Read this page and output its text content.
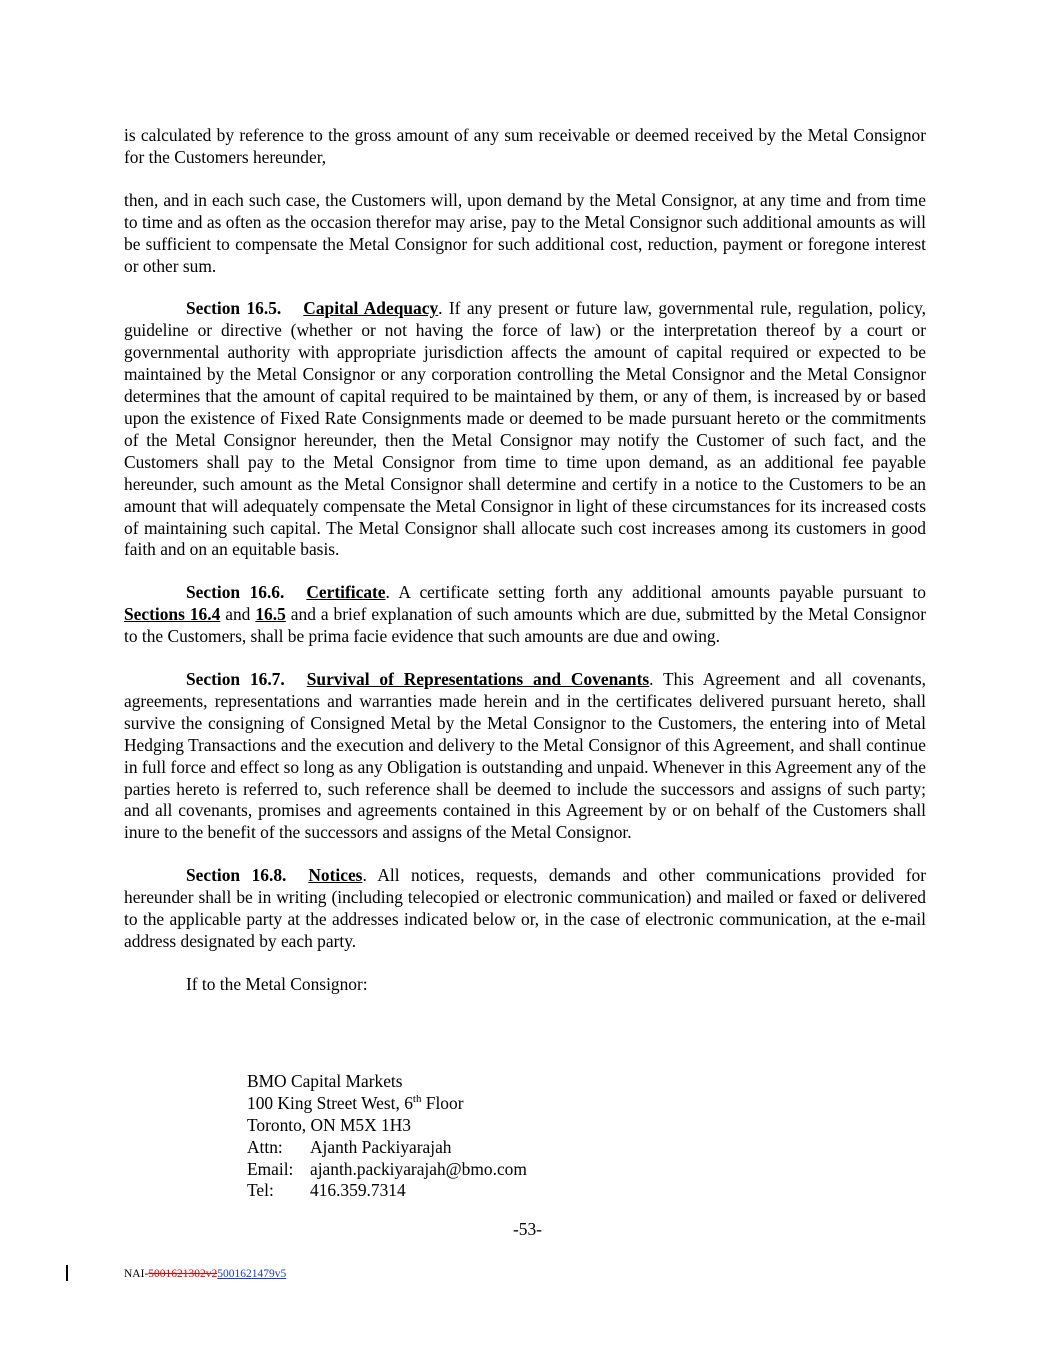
is calculated by reference to the gross amount of any sum receivable or deemed received by the Metal Consignor for the Customers hereunder,

then, and in each such case, the Customers will, upon demand by the Metal Consignor, at any time and from time to time and as often as the occasion therefor may arise, pay to the Metal Consignor such additional amounts as will be sufficient to compensate the Metal Consignor for such additional cost, reduction, payment or foregone interest or other sum.

Section 16.5. Capital Adequacy. If any present or future law, governmental rule, regulation, policy, guideline or directive (whether or not having the force of law) or the interpretation thereof by a court or governmental authority with appropriate jurisdiction affects the amount of capital required or expected to be maintained by the Metal Consignor or any corporation controlling the Metal Consignor and the Metal Consignor determines that the amount of capital required to be maintained by them, or any of them, is increased by or based upon the existence of Fixed Rate Consignments made or deemed to be made pursuant hereto or the commitments of the Metal Consignor hereunder, then the Metal Consignor may notify the Customer of such fact, and the Customers shall pay to the Metal Consignor from time to time upon demand, as an additional fee payable hereunder, such amount as the Metal Consignor shall determine and certify in a notice to the Customers to be an amount that will adequately compensate the Metal Consignor in light of these circumstances for its increased costs of maintaining such capital. The Metal Consignor shall allocate such cost increases among its customers in good faith and on an equitable basis.

Section 16.6. Certificate. A certificate setting forth any additional amounts payable pursuant to Sections 16.4 and 16.5 and a brief explanation of such amounts which are due, submitted by the Metal Consignor to the Customers, shall be prima facie evidence that such amounts are due and owing.

Section 16.7. Survival of Representations and Covenants. This Agreement and all covenants, agreements, representations and warranties made herein and in the certificates delivered pursuant hereto, shall survive the consigning of Consigned Metal by the Metal Consignor to the Customers, the entering into of Metal Hedging Transactions and the execution and delivery to the Metal Consignor of this Agreement, and shall continue in full force and effect so long as any Obligation is outstanding and unpaid. Whenever in this Agreement any of the parties hereto is referred to, such reference shall be deemed to include the successors and assigns of such party; and all covenants, promises and agreements contained in this Agreement by or on behalf of the Customers shall inure to the benefit of the successors and assigns of the Metal Consignor.

Section 16.8. Notices. All notices, requests, demands and other communications provided for hereunder shall be in writing (including telecopied or electronic communication) and mailed or faxed or delivered to the applicable party at the addresses indicated below or, in the case of electronic communication, at the e-mail address designated by each party.

If to the Metal Consignor:

BMO Capital Markets
100 King Street West, 6th Floor
Toronto, ON M5X 1H3
Attn: Ajanth Packiyarajah
Email: ajanth.packiyarajah@bmo.com
Tel: 416.359.7314
-53-
NAI-5001621302v25001621479v5
